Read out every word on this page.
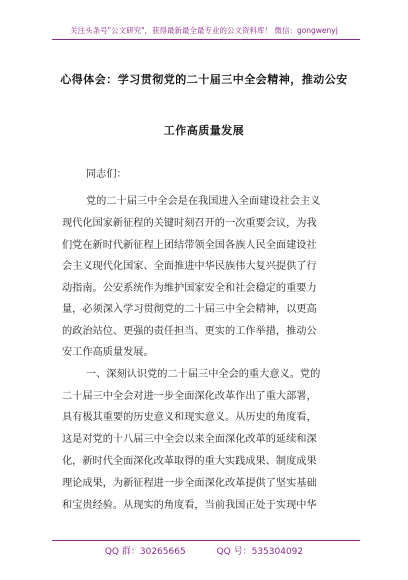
关注头条号"公文研究"，获得最新最全最专业的公文资料库！ 微信：gongwenyj
心得体会：学习贯彻党的二十届三中全会精神，推动公安
工作高质量发展
同志们：
党的二十届三中全会是在我国进入全面建设社会主义
现代化国家新征程的关键时刻召开的一次重要会议，为我
们党在新时代新征程上团结带领全国各族人民全面建设社
会主义现代化国家、全面推进中华民族伟大复兴提供了行
动指南。公安系统作为维护国家安全和社会稳定的重要力
量，必须深入学习贯彻党的二十届三中全会精神，以更高
的政治站位、更强的责任担当、更实的工作举措，推动公
安工作高质量发展。
一、深刻认识党的二十届三中全会的重大意义。党的
二十届三中全会对进一步全面深化改革作出了重大部署，
具有极其重要的历史意义和现实意义。从历史的角度看，
这是对党的十八届三中全会以来全面深化改革的延续和深
化，新时代全面深化改革取得的重大实践成果、制度成果
理论成果，为新征程进一步全面深化改革提供了坚实基础
和宝贵经验。从现实的角度看，当前我国正处于实现中华
QQ 群：30265665	QQ 号：535304092
